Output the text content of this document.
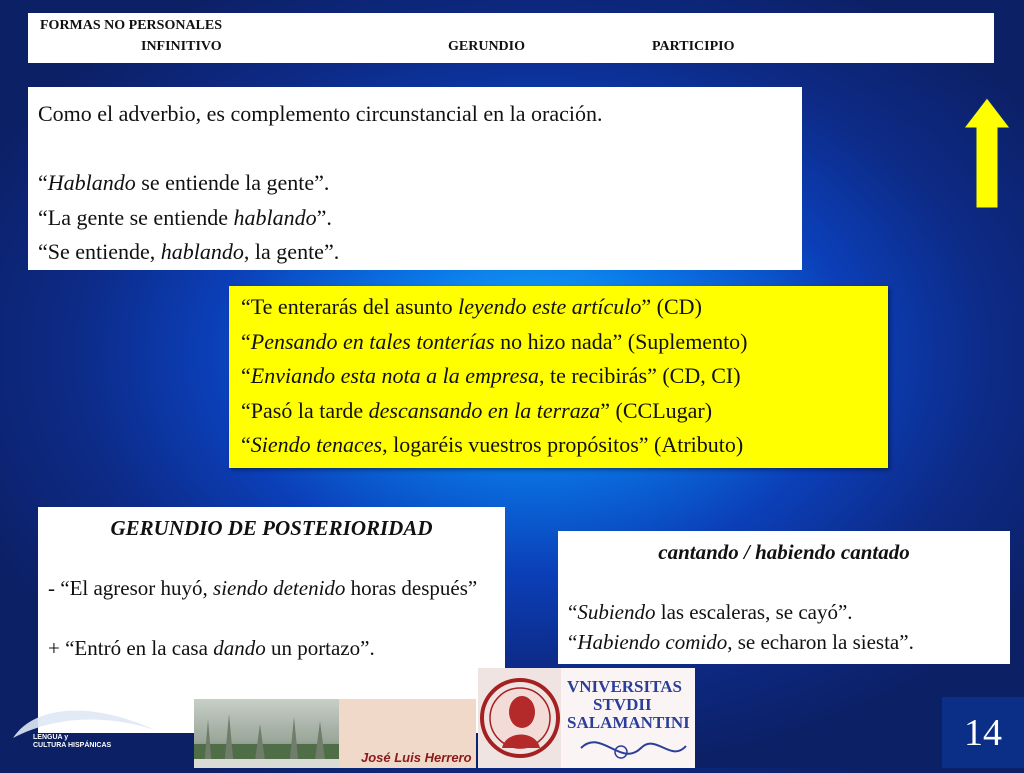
FORMAS NO PERSONALES
INFINITIVO	GERUNDIO	PARTICIPIO
Como el adverbio, es complemento circunstancial en la oración.
“Hablando se entiende la gente”.
“La gente se entiende hablando”.
“Se entiende, hablando, la gente”.
“Te enterarás del asunto leyendo este artículo” (CD)
“Pensando en tales tonterías no hizo nada” (Suplemento)
“Enviando esta nota a la empresa, te recibirás” (CD, CI)
“Pasó la tarde descansando en la terraza” (CCLugar)
“Siendo tenaces, logaréis vuestros propósitos” (Atributo)
GERUNDIO DE POSTERIORIDAD
- “El agresor huyó, siendo detenido horas después”
+ “Entró en la casa dando un portazo”.
cantando / habiendo cantado
“Subiendo las escaleras, se cayó”.
“Habiendo comido, se echaron la siesta”.
LENGUA y
CULTURA HISPÁNICAS
José Luis Herrero
VNIVERSITAS
STVDII
SALAMANTINI	14
